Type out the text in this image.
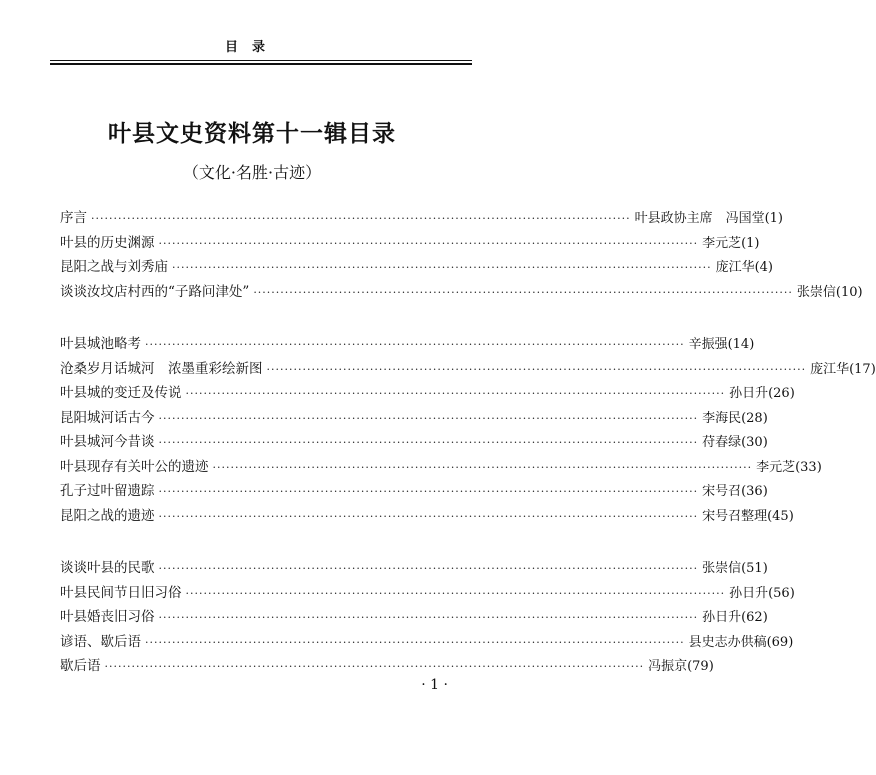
目录
叶县文史资料第十一辑目录
（文化·名胜·古迹）
序言 ························································································································ 叶县政协主席　冯国堂(1)
叶县的历史渊源 ························································································································ 李元芝(1)
昆阳之战与刘秀庙 ························································································································ 庞江华(4)
谈谈汝坟店村西的“子路问津处” ························································································································ 张崇信(10)
叶县城池略考 ························································································································ 辛振强(14)
沧桑岁月话城河　浓墨重彩绘新图 ························································································································ 庞江华(17)
叶县城的变迁及传说 ························································································································ 孙日升(26)
昆阳城河话古今 ························································································································ 李海民(28)
叶县城河今昔谈 ························································································································ 苻春绿(30)
叶县现存有关叶公的遗迹 ························································································································ 李元芝(33)
孔子过叶留遗踪 ························································································································ 宋号召(36)
昆阳之战的遗迹 ························································································································ 宋号召整理(45)
谈谈叶县的民歌 ························································································································ 张崇信(51)
叶县民间节日旧习俗 ························································································································ 孙日升(56)
叶县婚丧旧习俗 ························································································································ 孙日升(62)
谚语、歇后语 ························································································································ 县史志办供稿(69)
歇后语 ························································································································ 冯振京(79)
· 1 ·
